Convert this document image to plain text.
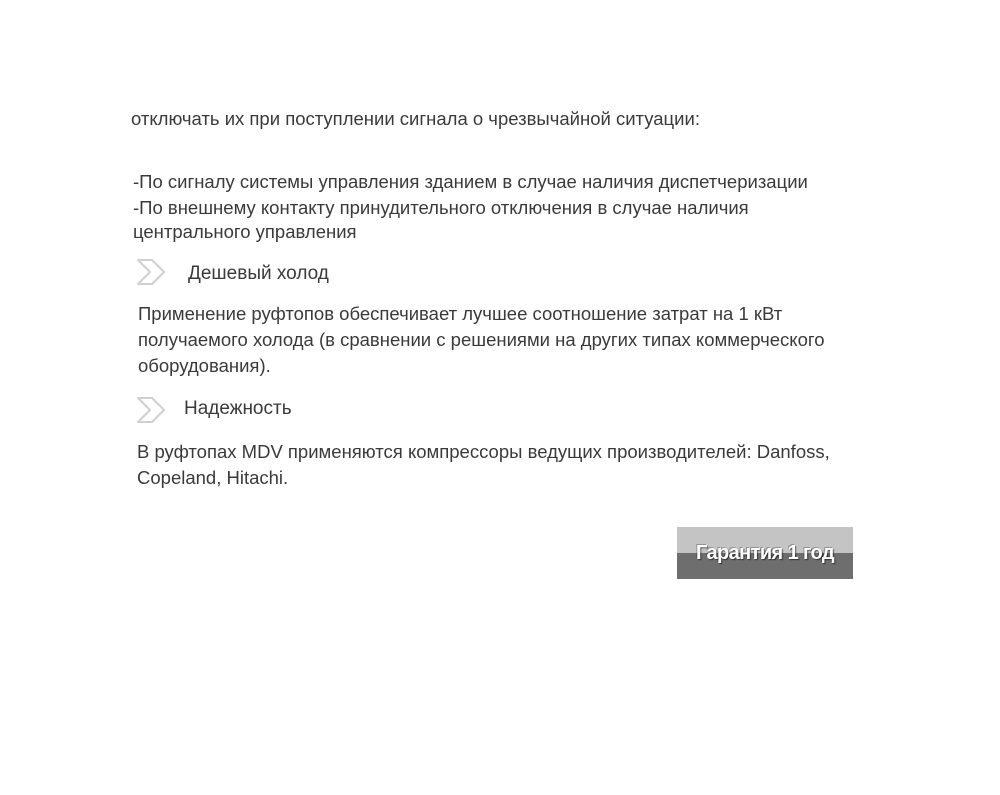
отключать их при поступлении сигнала о чрезвычайной ситуации:
-По сигналу системы управления зданием в случае наличия диспетчеризации
-По внешнему контакту принудительного отключения в случае наличия
центрального управления
Дешевый холод
Применение руфтопов обеспечивает лучшее соотношение затрат на 1 кВт
получаемого холода (в сравнении с решениями на других типах коммерческого
оборудования).
Надежность
В руфтопах MDV применяются компрессоры ведущих производителей: Danfoss,
Copeland, Hitachi.
Гарантия 1 год
